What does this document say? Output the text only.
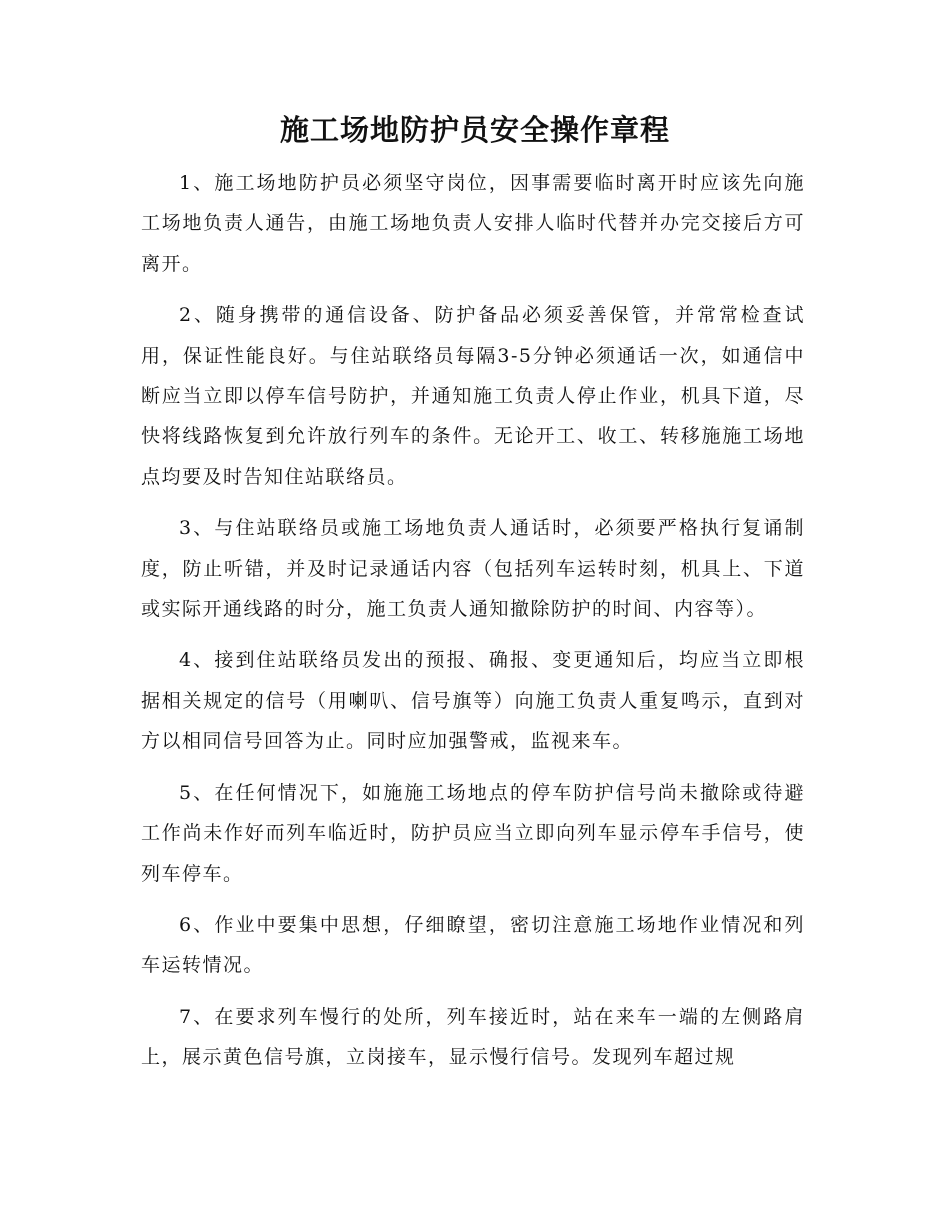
施工场地防护员安全操作章程

1、施工场地防护员必须坚守岗位，因事需要临时离开时应该先向施工场地负责人通告，由施工场地负责人安排人临时代替并办完交接后方可离开。

2、随身携带的通信设备、防护备品必须妥善保管，并常常检查试用，保证性能良好。与住站联络员每隔3-5分钟必须通话一次，如通信中断应当立即以停车信号防护，并通知施工负责人停止作业，机具下道，尽快将线路恢复到允许放行列车的条件。无论开工、收工、转移施施工场地点均要及时告知住站联络员。

3、与住站联络员或施工场地负责人通话时，必须要严格执行复诵制度，防止听错，并及时记录通话内容（包括列车运转时刻，机具上、下道或实际开通线路的时分，施工负责人通知撤除防护的时间、内容等）。

4、接到住站联络员发出的预报、确报、变更通知后，均应当立即根据相关规定的信号（用喇叭、信号旗等）向施工负责人重复鸣示，直到对方以相同信号回答为止。同时应加强警戒，监视来车。

5、在任何情况下，如施施工场地点的停车防护信号尚未撤除或待避工作尚未作好而列车临近时，防护员应当立即向列车显示停车手信号，使列车停车。

6、作业中要集中思想，仔细瞭望，密切注意施工场地作业情况和列车运转情况。

7、在要求列车慢行的处所，列车接近时，站在来车一端的左侧路肩上，展示黄色信号旗，立岗接车，显示慢行信号。发现列车超过规
